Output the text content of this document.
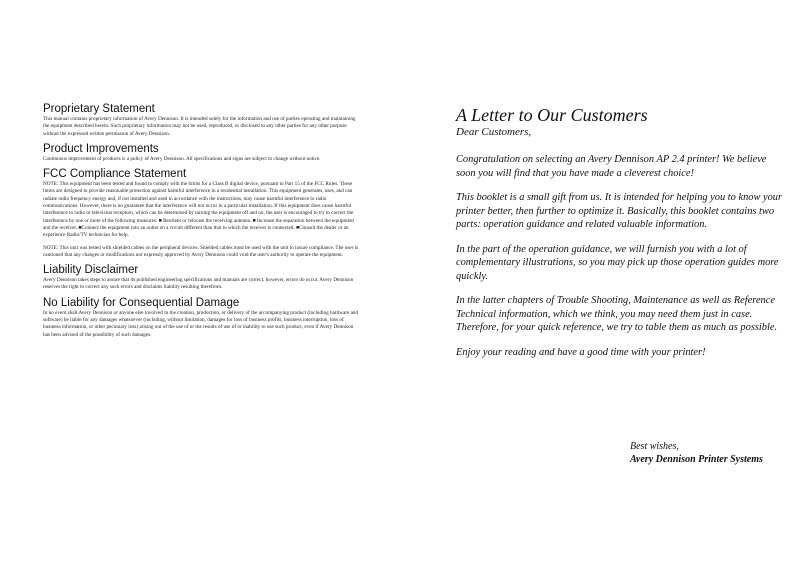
Proprietary Statement

This manual contains proprietary information of Avery Dennison. It is intended solely for the information and use of parties operating and maintaining the equipment described herein. Such proprietary information may not be used, reproduced, or disclosed to any other parties for any other purpose without the expressed written permission of Avery Dennison.

Product Improvements

Continuous improvement of products is a policy of Avery Dennison. All specifications and signs are subject to change without notice.

FCC Compliance Statement

NOTE: This equipment has been tested and found to comply with the limits for a Class B digital device, pursuant to Part 15 of the FCC Rules. These limits are designed to provide reasonable protection against harmful interference in a residential installation. This equipment generates, uses, and can radiate radio frequency energy and, if not installed and used in accordance with the instructions, may cause harmful interference to radio communications. However, there is no guarantee that the interference will not occur in a particular installation. If this equipment does cause harmful interference to radio or television reception, which can be determined by turning the equipment off and on, the user is encouraged to try to correct the interference by one or more of the following measures: ■ Reorient or relocate the receiving antenna. ■ Increase the separation between the equipment and the receiver. ■Connect the equipment into an outlet on a circuit different than that to which the receiver is connected. ■Consult the dealer or an experience Radio/TV technician for help.

NOTE: This unit was tested with shielded cables on the peripheral devices. Shielded cables must be used with the unit to insure compliance. The user is cautioned that any changes or modifications not expressly approved by Avery Dennison could void the user's authority to operate the equipment.

Liability Disclaimer

Avery Dennison takes steps to assure that its published engineering specifications and manuals are correct; however, errors do occur. Avery Dennison reserves the right to correct any such errors and disclaims liability resulting therefrom.

No Liability for Consequential Damage

In no event shall Avery Dennison or anyone else involved in the creation, production, or delivery of the accompanying product (including hardware and software) be liable for any damages whatsoever (including, without limitation, damages for loss of business profits, business interruption, loss of business information, or other pecuniary loss) arising out of the use of or the results of use of or inability to use such product, even if Avery Dennison has been advised of the possibility of such damages.

A Letter to Our Customers

Dear Customers,

Congratulation on selecting an Avery Dennison AP 2.4 printer! We believe soon you will find that you have made a cleverest choice!

This booklet is a small gift from us. It is intended for helping you to know your printer better, then further to optimize it. Basically, this booklet contains two parts: operation guidance and related valuable information.

In the part of the operation guidance, we will furnish you with a lot of complementary illustrations, so you may pick up those operation guides more quickly.

In the latter chapters of Trouble Shooting, Maintenance as well as Reference Technical information, which we think, you may need them just in case. Therefore, for your quick reference, we try to table them as much as possible.

Enjoy your reading and have a good time with your printer!

Best wishes,
Avery Dennison Printer Systems
